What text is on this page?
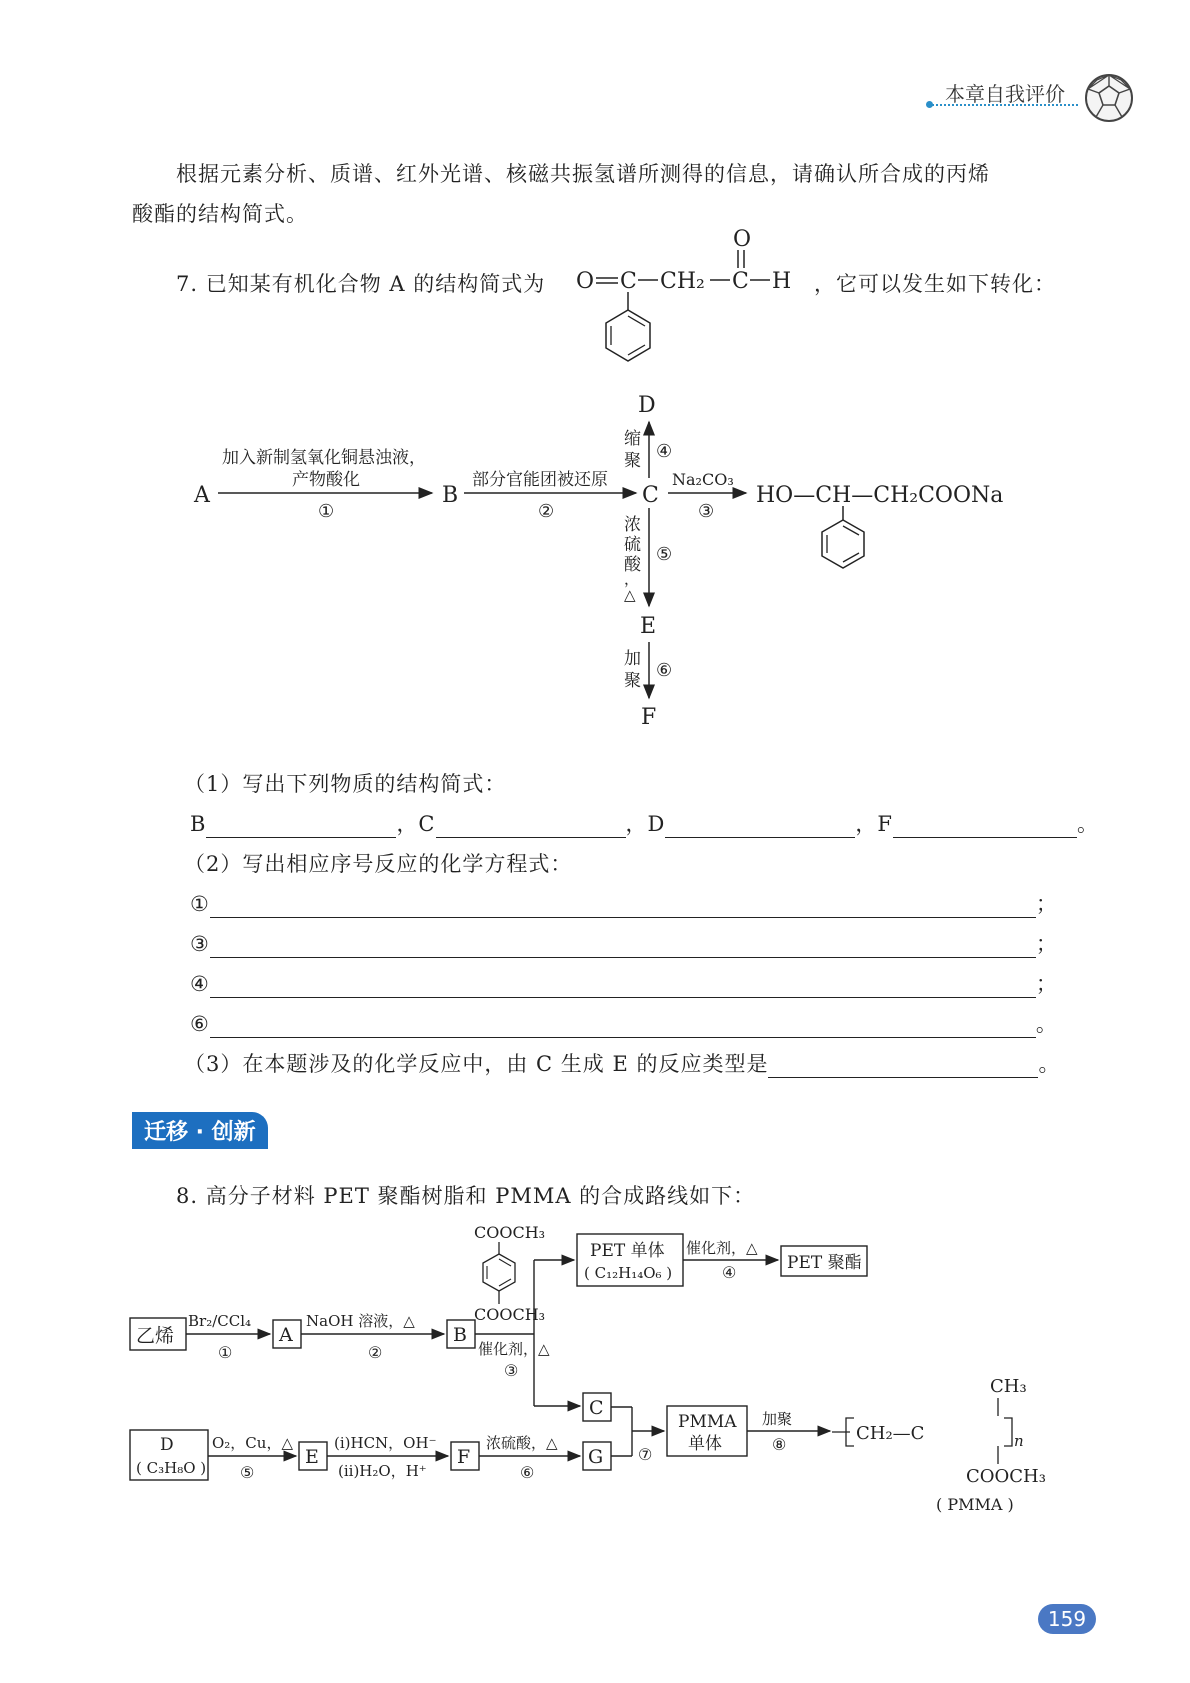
本章自我评价
根据元素分析、质谱、红外光谱、核磁共振氢谱所测得的信息，请确认所合成的丙烯
酸酯的结构简式。
7. 已知某有机化合物 A 的结构简式为 O C CH₂ C H
O
，它可以发生如下转化：
A
加入新制氢氧化铜悬浊液，
产物酸化
①
B
部分官能团被还原
②
C
Na₂CO₃
③
HO—CH—CH₂COONa
D
缩
聚 ④
浓
硫
酸
，
△
⑤
E
加
聚 ⑥
F
（1）写出下列物质的结构简式：
B	，C	，D	，F	。
（2）写出相应序号反应的化学方程式：
①	；
③	；
④	；
⑥	。
（3）在本题涉及的化学反应中，由 C 生成 E 的反应类型是	。
迁移 · 创新
8. 高分子材料 PET 聚酯树脂和 PMMA 的合成路线如下：
乙烯
Br₂/CCl₄
①
A
NaOH 溶液，△
②
B
COOCH₃
COOCH₃
催化剂，△
③
PET 单体
( C₁₂H₁₄O₆ )
催化剂，△
④	PET 聚酯
C
D
( C₃H₈O )
O₂，Cu，△
⑤
E
(i)HCN，OH⁻
(ii)H₂O，H⁺
F
浓硫酸，△
⑥
G ⑦
PMMA
单体
加聚
⑧
CH₃
CH₂—C	n
COOCH₃
( PMMA )
159
